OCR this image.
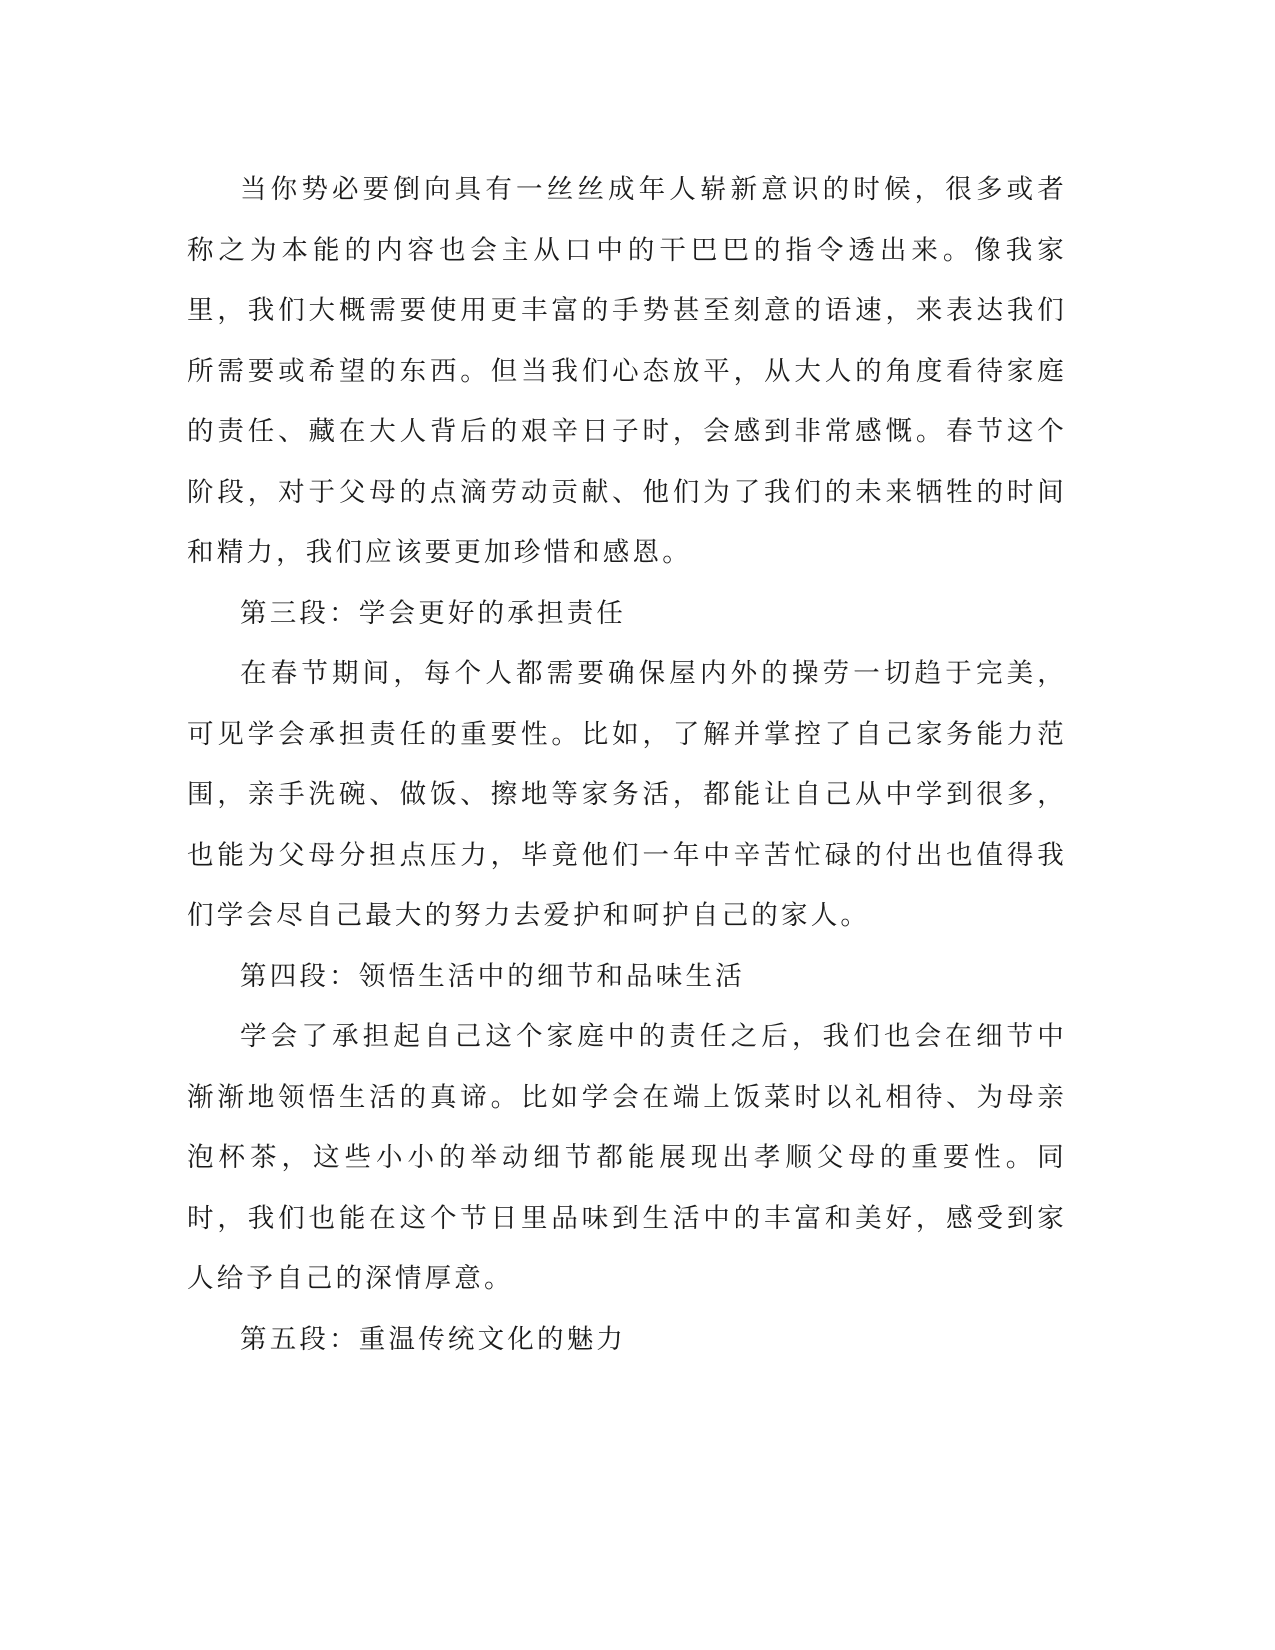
当你势必要倒向具有一丝丝成年人崭新意识的时候，很多或者称之为本能的内容也会主从口中的干巴巴的指令透出来。像我家里，我们大概需要使用更丰富的手势甚至刻意的语速，来表达我们所需要或希望的东西。但当我们心态放平，从大人的角度看待家庭的责任、藏在大人背后的艰辛日子时，会感到非常感慨。春节这个阶段，对于父母的点滴劳动贡献、他们为了我们的未来牺牲的时间和精力，我们应该要更加珍惜和感恩。

第三段：学会更好的承担责任

在春节期间，每个人都需要确保屋内外的操劳一切趋于完美，可见学会承担责任的重要性。比如，了解并掌控了自己家务能力范围，亲手洗碗、做饭、擦地等家务活，都能让自己从中学到很多，也能为父母分担点压力，毕竟他们一年中辛苦忙碌的付出也值得我们学会尽自己最大的努力去爱护和呵护自己的家人。

第四段：领悟生活中的细节和品味生活

学会了承担起自己这个家庭中的责任之后，我们也会在细节中渐渐地领悟生活的真谛。比如学会在端上饭菜时以礼相待、为母亲泡杯茶，这些小小的举动细节都能展现出孝顺父母的重要性。同时，我们也能在这个节日里品味到生活中的丰富和美好，感受到家人给予自己的深情厚意。

第五段：重温传统文化的魅力
